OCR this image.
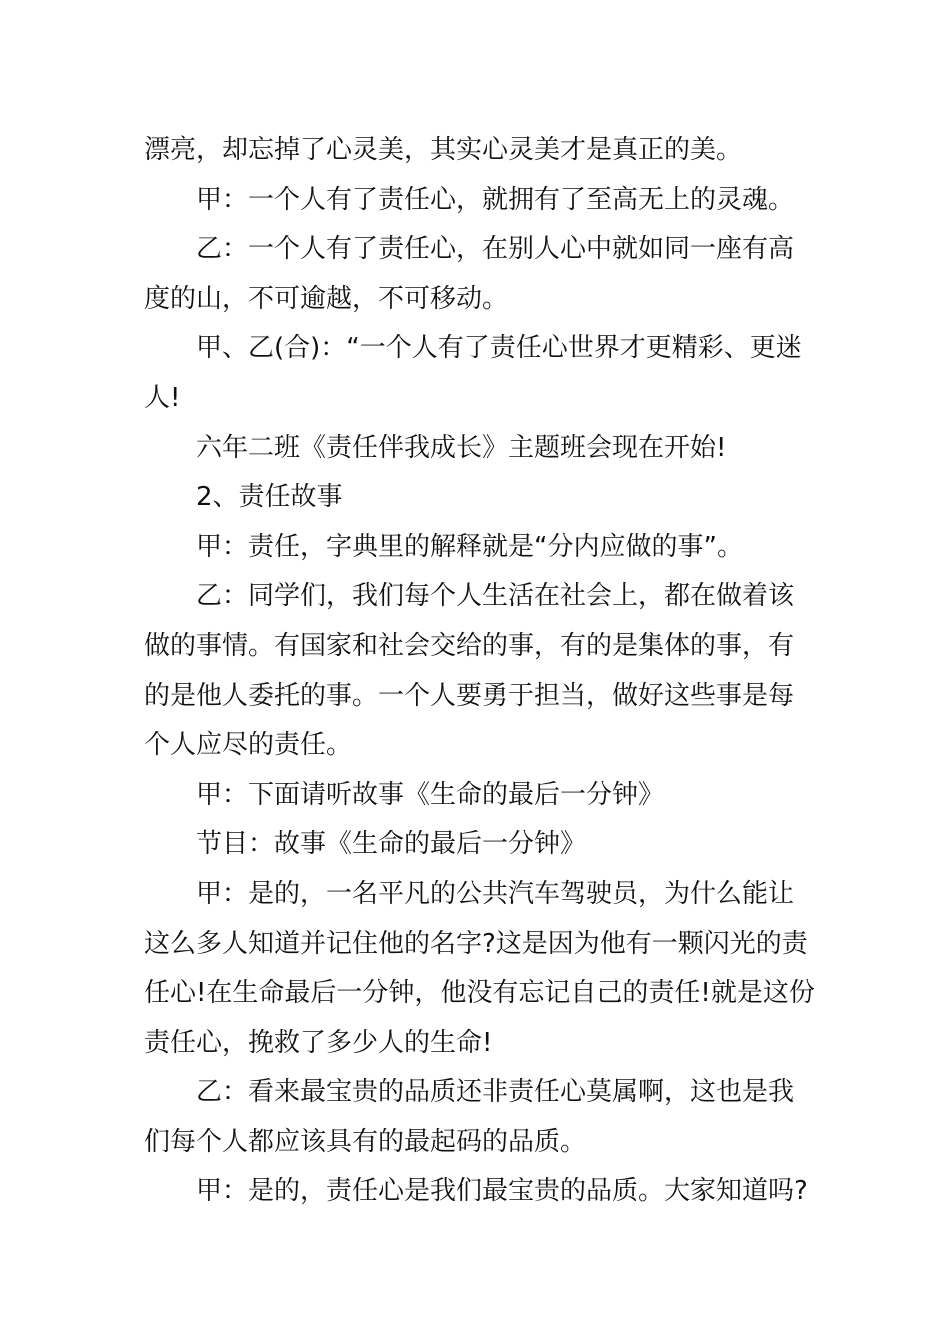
漂亮，却忘掉了心灵美，其实心灵美才是真正的美。
甲：一个人有了责任心，就拥有了至高无上的灵魂。
乙：一个人有了责任心，在别人心中就如同一座有高
度的山，不可逾越，不可移动。
甲、乙(合)：“一个人有了责任心世界才更精彩、更迷
人!
六年二班《责任伴我成长》主题班会现在开始!
2、责任故事
甲：责任，字典里的解释就是“分内应做的事”。
乙：同学们，我们每个人生活在社会上，都在做着该
做的事情。有国家和社会交给的事，有的是集体的事，有
的是他人委托的事。一个人要勇于担当，做好这些事是每
个人应尽的责任。
甲：下面请听故事《生命的最后一分钟》
节目：故事《生命的最后一分钟》
甲：是的，一名平凡的公共汽车驾驶员，为什么能让
这么多人知道并记住他的名字?这是因为他有一颗闪光的责
任心!在生命最后一分钟，他没有忘记自己的责任!就是这份
责任心，挽救了多少人的生命!
乙：看来最宝贵的品质还非责任心莫属啊，这也是我
们每个人都应该具有的最起码的品质。
甲：是的，责任心是我们最宝贵的品质。大家知道吗?
